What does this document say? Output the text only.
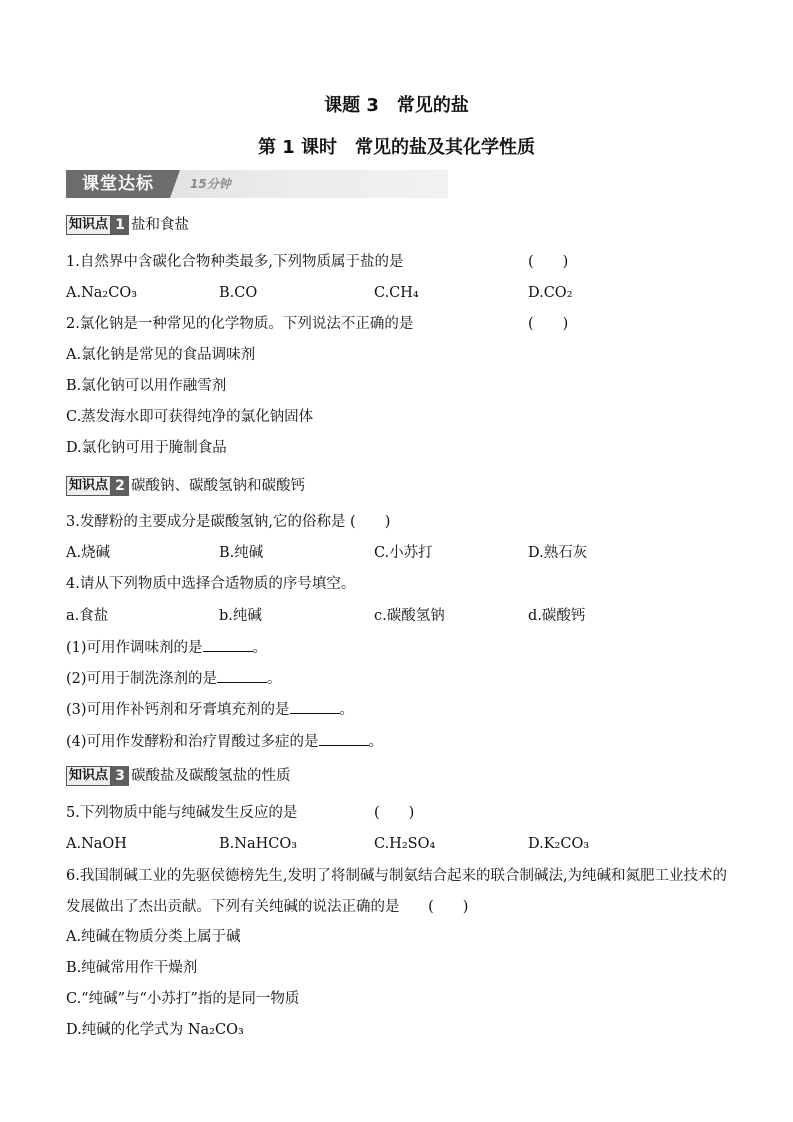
课题 3　常见的盐
第 1 课时　常见的盐及其化学性质
课堂达标	15分钟
知识点 1 盐和食盐
1.自然界中含碳化合物种类最多,下列物质属于盐的是	(　　)
A.Na₂CO₃	B.CO	C.CH₄	D.CO₂
2.氯化钠是一种常见的化学物质。下列说法不正确的是	(　　)
A.氯化钠是常见的食品调味剂
B.氯化钠可以用作融雪剂
C.蒸发海水即可获得纯净的氯化钠固体
D.氯化钠可用于腌制食品
知识点 2 碳酸钠、碳酸氢钠和碳酸钙
3.发酵粉的主要成分是碳酸氢钠,它的俗称是 (　　)
A.烧碱	B.纯碱	C.小苏打	D.熟石灰
4.请从下列物质中选择合适物质的序号填空。
a.食盐	b.纯碱	c.碳酸氢钠	d.碳酸钙
(1)可用作调味剂的是	。
(2)可用于制洗涤剂的是	。
(3)可用作补钙剂和牙膏填充剂的是	。
(4)可用作发酵粉和治疗胃酸过多症的是	。
知识点 3 碳酸盐及碳酸氢盐的性质
5.下列物质中能与纯碱发生反应的是	(　　)
A.NaOH	B.NaHCO₃	C.H₂SO₄	D.K₂CO₃
6.我国制碱工业的先驱侯德榜先生,发明了将制碱与制氨结合起来的联合制碱法,为纯碱和氮肥工业技术的发展做出了杰出贡献。下列有关纯碱的说法正确的是 (　　)
A.纯碱在物质分类上属于碱
B.纯碱常用作干燥剂
C.“纯碱”与“小苏打”指的是同一物质
D.纯碱的化学式为 Na₂CO₃
